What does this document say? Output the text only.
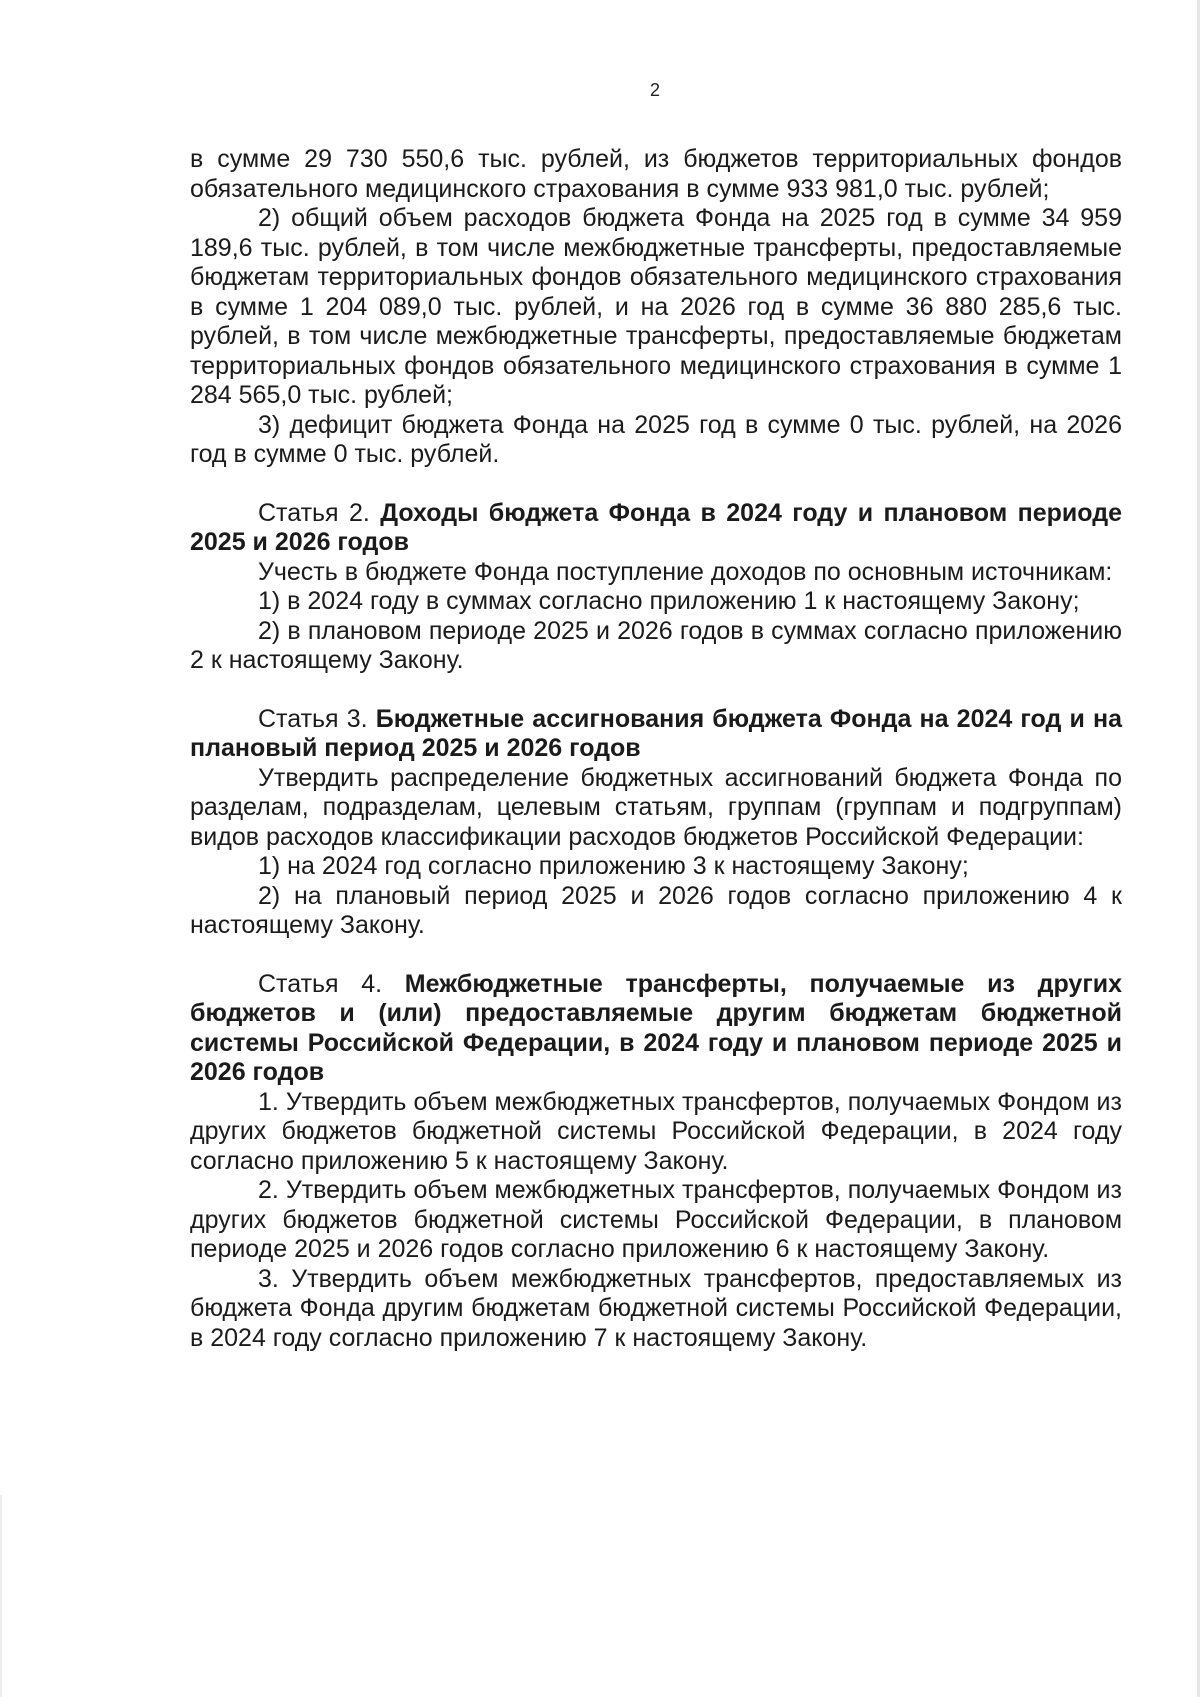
2

в сумме 29 730 550,6 тыс. рублей, из бюджетов территориальных фондов обязательного медицинского страхования в сумме 933 981,0 тыс. рублей;

2) общий объем расходов бюджета Фонда на 2025 год в сумме 34 959 189,6 тыс. рублей, в том числе межбюджетные трансферты, предоставляемые бюджетам территориальных фондов обязательного медицинского страхования в сумме 1 204 089,0 тыс. рублей, и на 2026 год в сумме 36 880 285,6 тыс. рублей, в том числе межбюджетные трансферты, предоставляемые бюджетам территориальных фондов обязательного медицинского страхования в сумме 1 284 565,0 тыс. рублей;

3) дефицит бюджета Фонда на 2025 год в сумме 0 тыс. рублей, на 2026 год в сумме 0 тыс. рублей.

Статья 2. Доходы бюджета Фонда в 2024 году и плановом периоде 2025 и 2026 годов

Учесть в бюджете Фонда поступление доходов по основным источникам:

1) в 2024 году в суммах согласно приложению 1 к настоящему Закону;

2) в плановом периоде 2025 и 2026 годов в суммах согласно приложению 2 к настоящему Закону.

Статья 3. Бюджетные ассигнования бюджета Фонда на 2024 год и на плановый период 2025 и 2026 годов

Утвердить распределение бюджетных ассигнований бюджета Фонда по разделам, подразделам, целевым статьям, группам (группам и подгруппам) видов расходов классификации расходов бюджетов Российской Федерации:

1) на 2024 год согласно приложению 3 к настоящему Закону;

2) на плановый период 2025 и 2026 годов согласно приложению 4 к настоящему Закону.

Статья 4. Межбюджетные трансферты, получаемые из других бюджетов и (или) предоставляемые другим бюджетам бюджетной системы Российской Федерации, в 2024 году и плановом периоде 2025 и 2026 годов

1. Утвердить объем межбюджетных трансфертов, получаемых Фондом из других бюджетов бюджетной системы Российской Федерации, в 2024 году согласно приложению 5 к настоящему Закону.

2. Утвердить объем межбюджетных трансфертов, получаемых Фондом из других бюджетов бюджетной системы Российской Федерации, в плановом периоде 2025 и 2026 годов согласно приложению 6 к настоящему Закону.

3. Утвердить объем межбюджетных трансфертов, предоставляемых из бюджета Фонда другим бюджетам бюджетной системы Российской Федерации, в 2024 году согласно приложению 7 к настоящему Закону.
